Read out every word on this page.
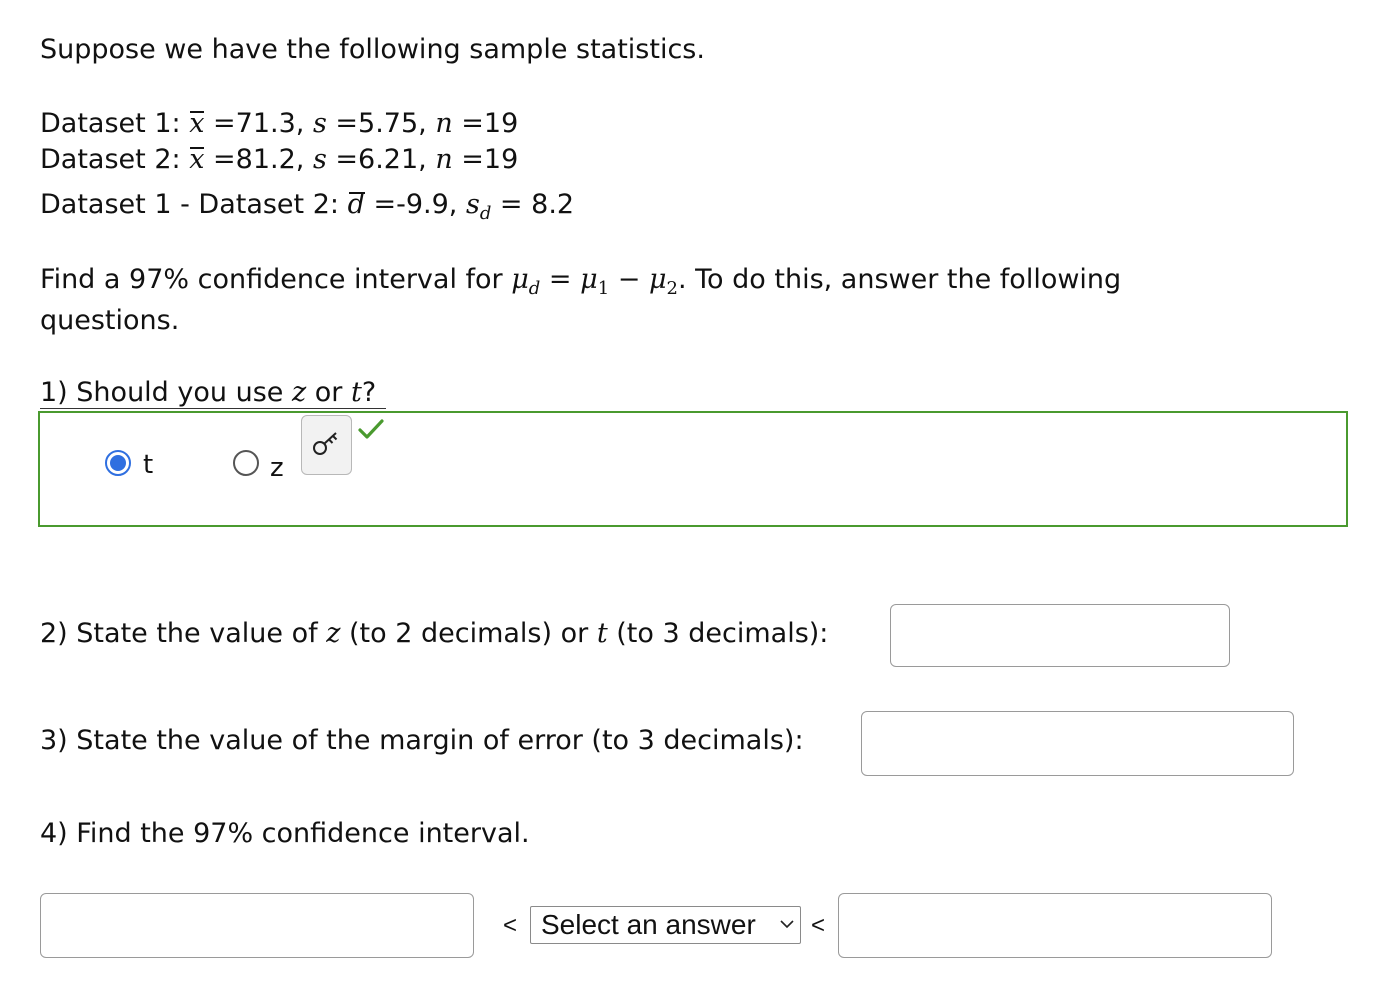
Suppose we have the following sample statistics.
Dataset 1: x =71.3, s =5.75, n =19
Dataset 2: x =81.2, s =6.21, n =19
Dataset 1 - Dataset 2: d =-9.9, $s_d = 8.2$
Find a 97% confidence interval for $\mu_d = \mu_1 - \mu_2$. To do this, answer the following
questions.
1) Should you use z or t?
t	z
2) State the value of z (to 2 decimals) or t (to 3 decimals):
3) State the value of the margin of error (to 3 decimals):
4) Find the 97% confidence interval.
< Select an answer <
